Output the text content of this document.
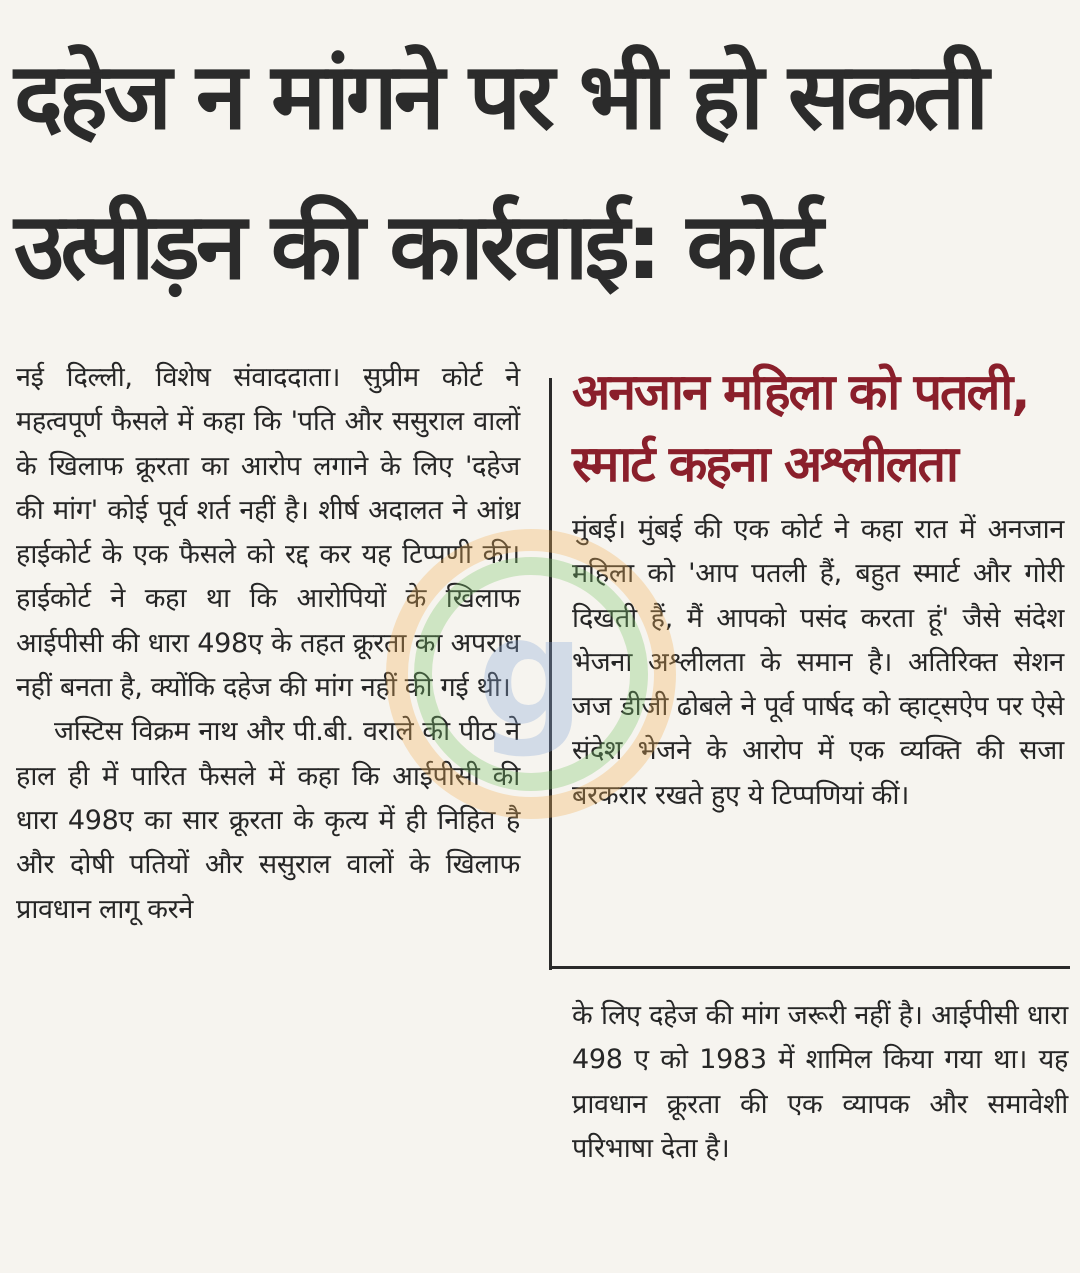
दहेज न मांगने पर भी हो सकती
उत्पीड़न की कार्रवाई: कोर्ट

नई दिल्ली, विशेष संवाददाता। सुप्रीम कोर्ट ने महत्वपूर्ण फैसले में कहा कि 'पति और ससुराल वालों के खिलाफ क्रूरता का आरोप लगाने के लिए 'दहेज की मांग' कोई पूर्व शर्त नहीं है। शीर्ष अदालत ने आंध्र हाईकोर्ट के एक फैसले को रद्द कर यह टिप्पणी की। हाईकोर्ट ने कहा था कि आरोपियों के खिलाफ आईपीसी की धारा 498ए के तहत क्रूरता का अपराध नहीं बनता है, क्योंकि दहेज की मांग नहीं की गई थी।

जस्टिस विक्रम नाथ और पी.बी. वराले की पीठ ने हाल ही में पारित फैसले में कहा कि आईपीसी की धारा 498ए का सार क्रूरता के कृत्य में ही निहित है और दोषी पतियों और ससुराल वालों के खिलाफ प्रावधान लागू करने

अनजान महिला को पतली,
स्मार्ट कहना अश्लीलता

मुंबई। मुंबई की एक कोर्ट ने कहा रात में अनजान महिला को 'आप पतली हैं, बहुत स्मार्ट और गोरी दिखती हैं, मैं आपको पसंद करता हूं' जैसे संदेश भेजना अश्लीलता के समान है। अतिरिक्त सेशन जज डीजी ढोबले ने पूर्व पार्षद को व्हाट्सऐप पर ऐसे संदेश भेजने के आरोप में एक व्यक्ति की सजा बरकरार रखते हुए ये टिप्पणियां कीं।

के लिए दहेज की मांग जरूरी नहीं है। आईपीसी धारा 498 ए को 1983 में शामिल किया गया था। यह प्रावधान क्रूरता की एक व्यापक और समावेशी परिभाषा देता है।

g
